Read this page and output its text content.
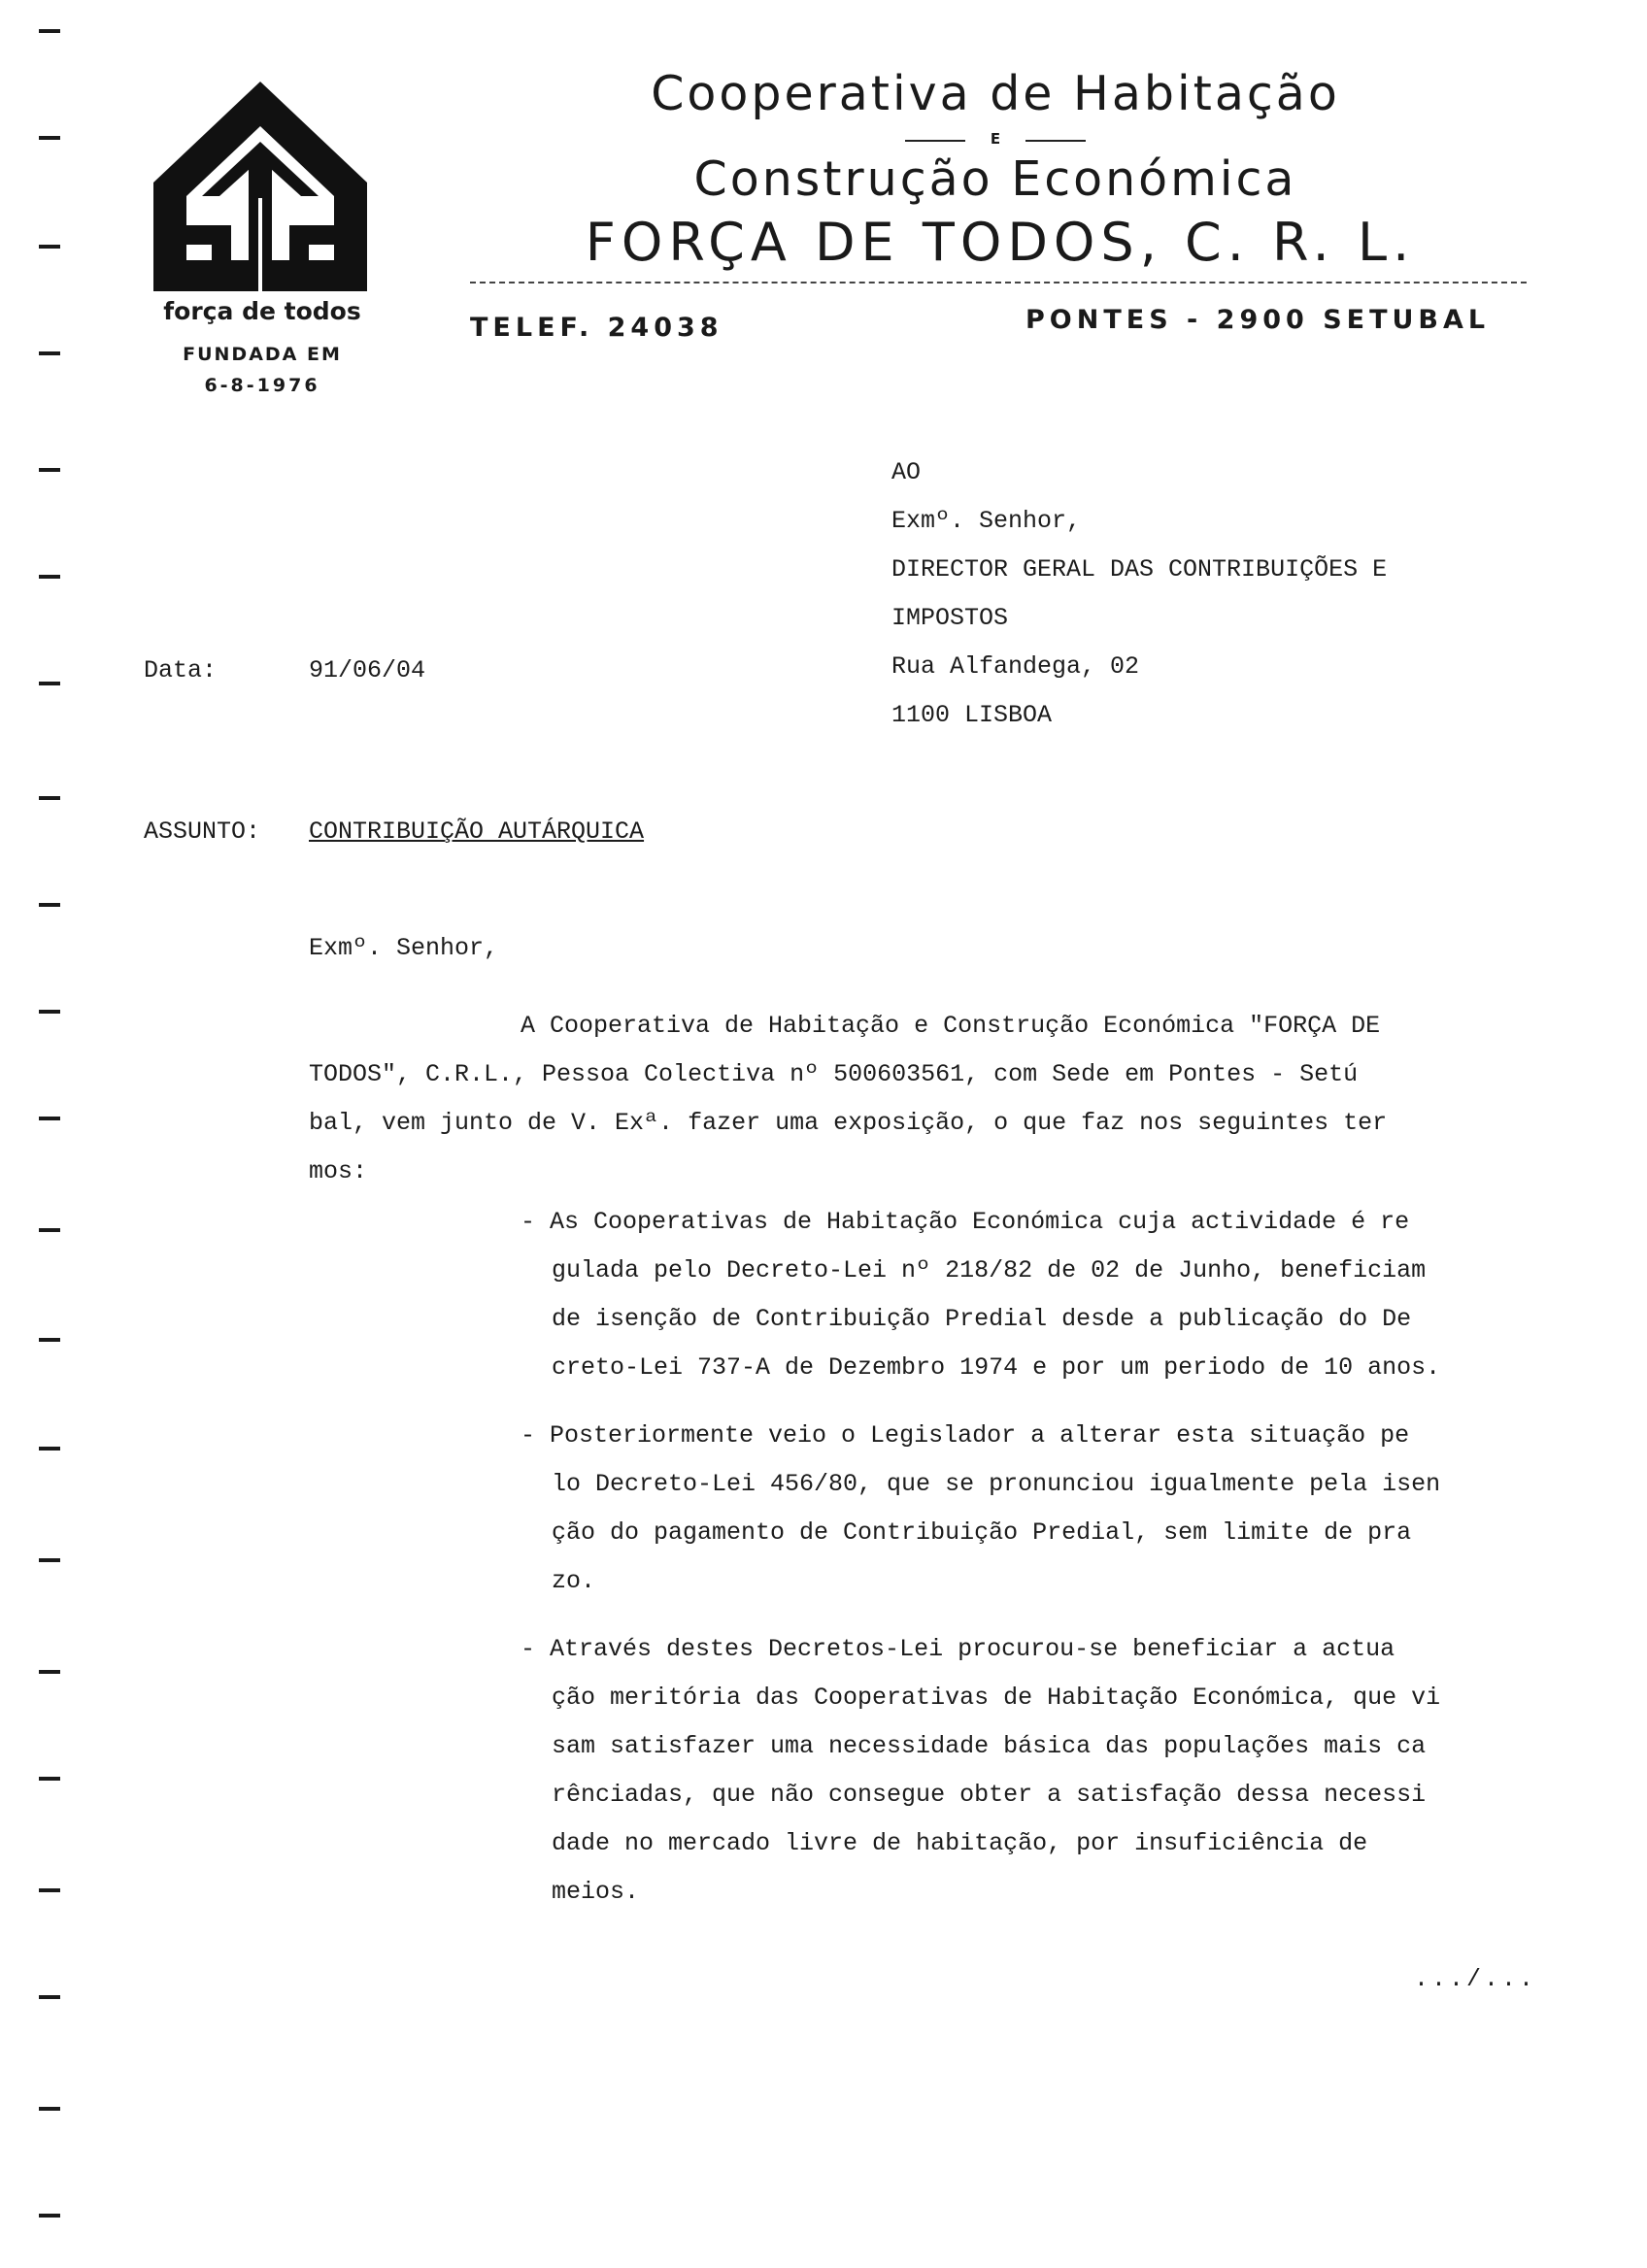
força de todos
FUNDADA EM
6-8-1976
Cooperativa de Habitação
E
Construção Económica
FORÇA DE TODOS, C. R. L.
TELEF. 24038	PONTES - 2900 SETUBAL
AO
Exmº. Senhor,
DIRECTOR GERAL DAS CONTRIBUIÇÕES E
IMPOSTOS
Rua Alfandega, 02
1100 LISBOA
Data:	91/06/04
ASSUNTO: CONTRIBUIÇÃO AUTÁRQUICA
Exmº. Senhor,
A Cooperativa de Habitação e Construção Económica "FORÇA DE
TODOS", C.R.L., Pessoa Colectiva nº 500603561, com Sede em Pontes - Setú
bal, vem junto de V. Exª. fazer uma exposição, o que faz nos seguintes ter
mos:
- As Cooperativas de Habitação Económica cuja actividade é re
gulada pelo Decreto-Lei nº 218/82 de 02 de Junho, beneficiam
de isenção de Contribuição Predial desde a publicação do De
creto-Lei 737-A de Dezembro 1974 e por um periodo de 10 anos.
- Posteriormente veio o Legislador a alterar esta situação pe
lo Decreto-Lei 456/80, que se pronunciou igualmente pela isen
ção do pagamento de Contribuição Predial, sem limite de pra
zo.
- Através destes Decretos-Lei procurou-se beneficiar a actua
ção meritória das Cooperativas de Habitação Económica, que vi
sam satisfazer uma necessidade básica das populações mais ca
rênciadas, que não consegue obter a satisfação dessa necessi
dade no mercado livre de habitação, por insuficiência de
meios.
.../...
